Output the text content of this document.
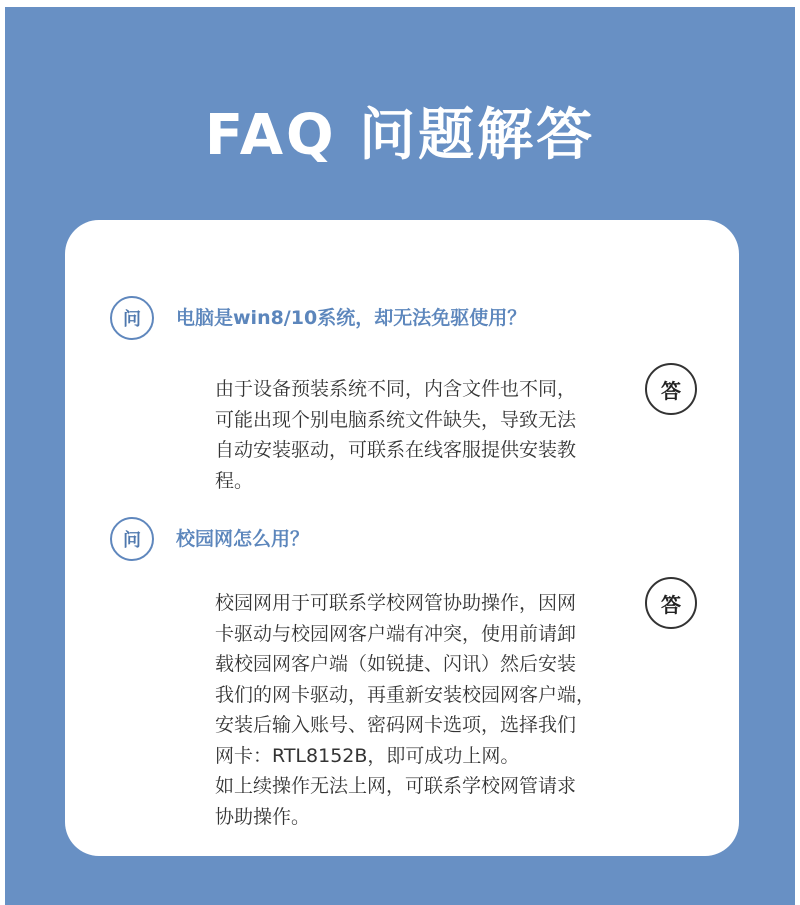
FAQ 问题解答
问	电脑是win8/10系统，却无法免驱使用？
答
由于设备预装系统不同，内含文件也不同，
可能出现个别电脑系统文件缺失，导致无法
自动安装驱动，可联系在线客服提供安装教
程。
问	校园网怎么用？
答
校园网用于可联系学校网管协助操作，因网
卡驱动与校园网客户端有冲突，使用前请卸
载校园网客户端（如锐捷、闪讯）然后安装
我们的网卡驱动，再重新安装校园网客户端，
安装后输入账号、密码网卡选项，选择我们
网卡：RTL8152B，即可成功上网。
如上续操作无法上网，可联系学校网管请求
协助操作。
